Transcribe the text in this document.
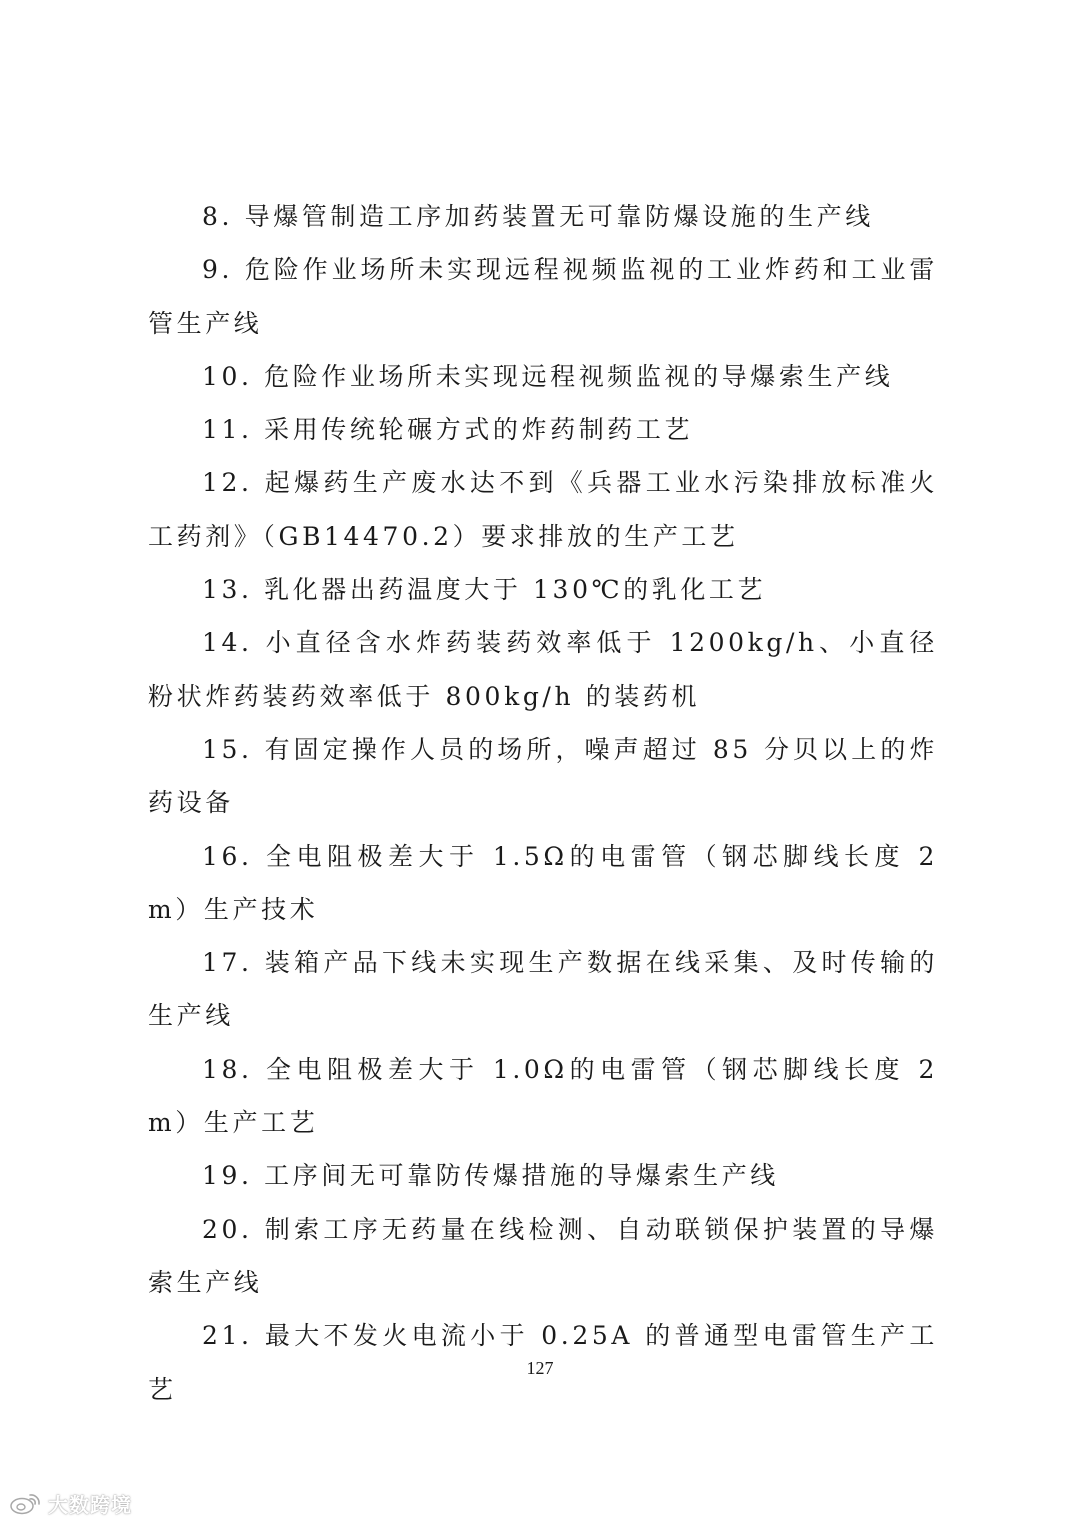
8. 导爆管制造工序加药装置无可靠防爆设施的生产线

9. 危险作业场所未实现远程视频监视的工业炸药和工业雷管生产线

10. 危险作业场所未实现远程视频监视的导爆索生产线

11. 采用传统轮碾方式的炸药制药工艺

12. 起爆药生产废水达不到《兵器工业水污染排放标准火工药剂》（GB14470.2）要求排放的生产工艺

13. 乳化器出药温度大于 130℃的乳化工艺

14. 小直径含水炸药装药效率低于 1200kg/h、小直径粉状炸药装药效率低于 800kg/h 的装药机

15. 有固定操作人员的场所，噪声超过 85 分贝以上的炸药设备

16. 全电阻极差大于 1.5Ω的电雷管（钢芯脚线长度 2m）生产技术

17. 装箱产品下线未实现生产数据在线采集、及时传输的生产线

18. 全电阻极差大于 1.0Ω的电雷管（钢芯脚线长度 2m）生产工艺

19. 工序间无可靠防传爆措施的导爆索生产线

20. 制索工序无药量在线检测、自动联锁保护装置的导爆索生产线

21. 最大不发火电流小于 0.25A 的普通型电雷管生产工艺

127
大数跨境
